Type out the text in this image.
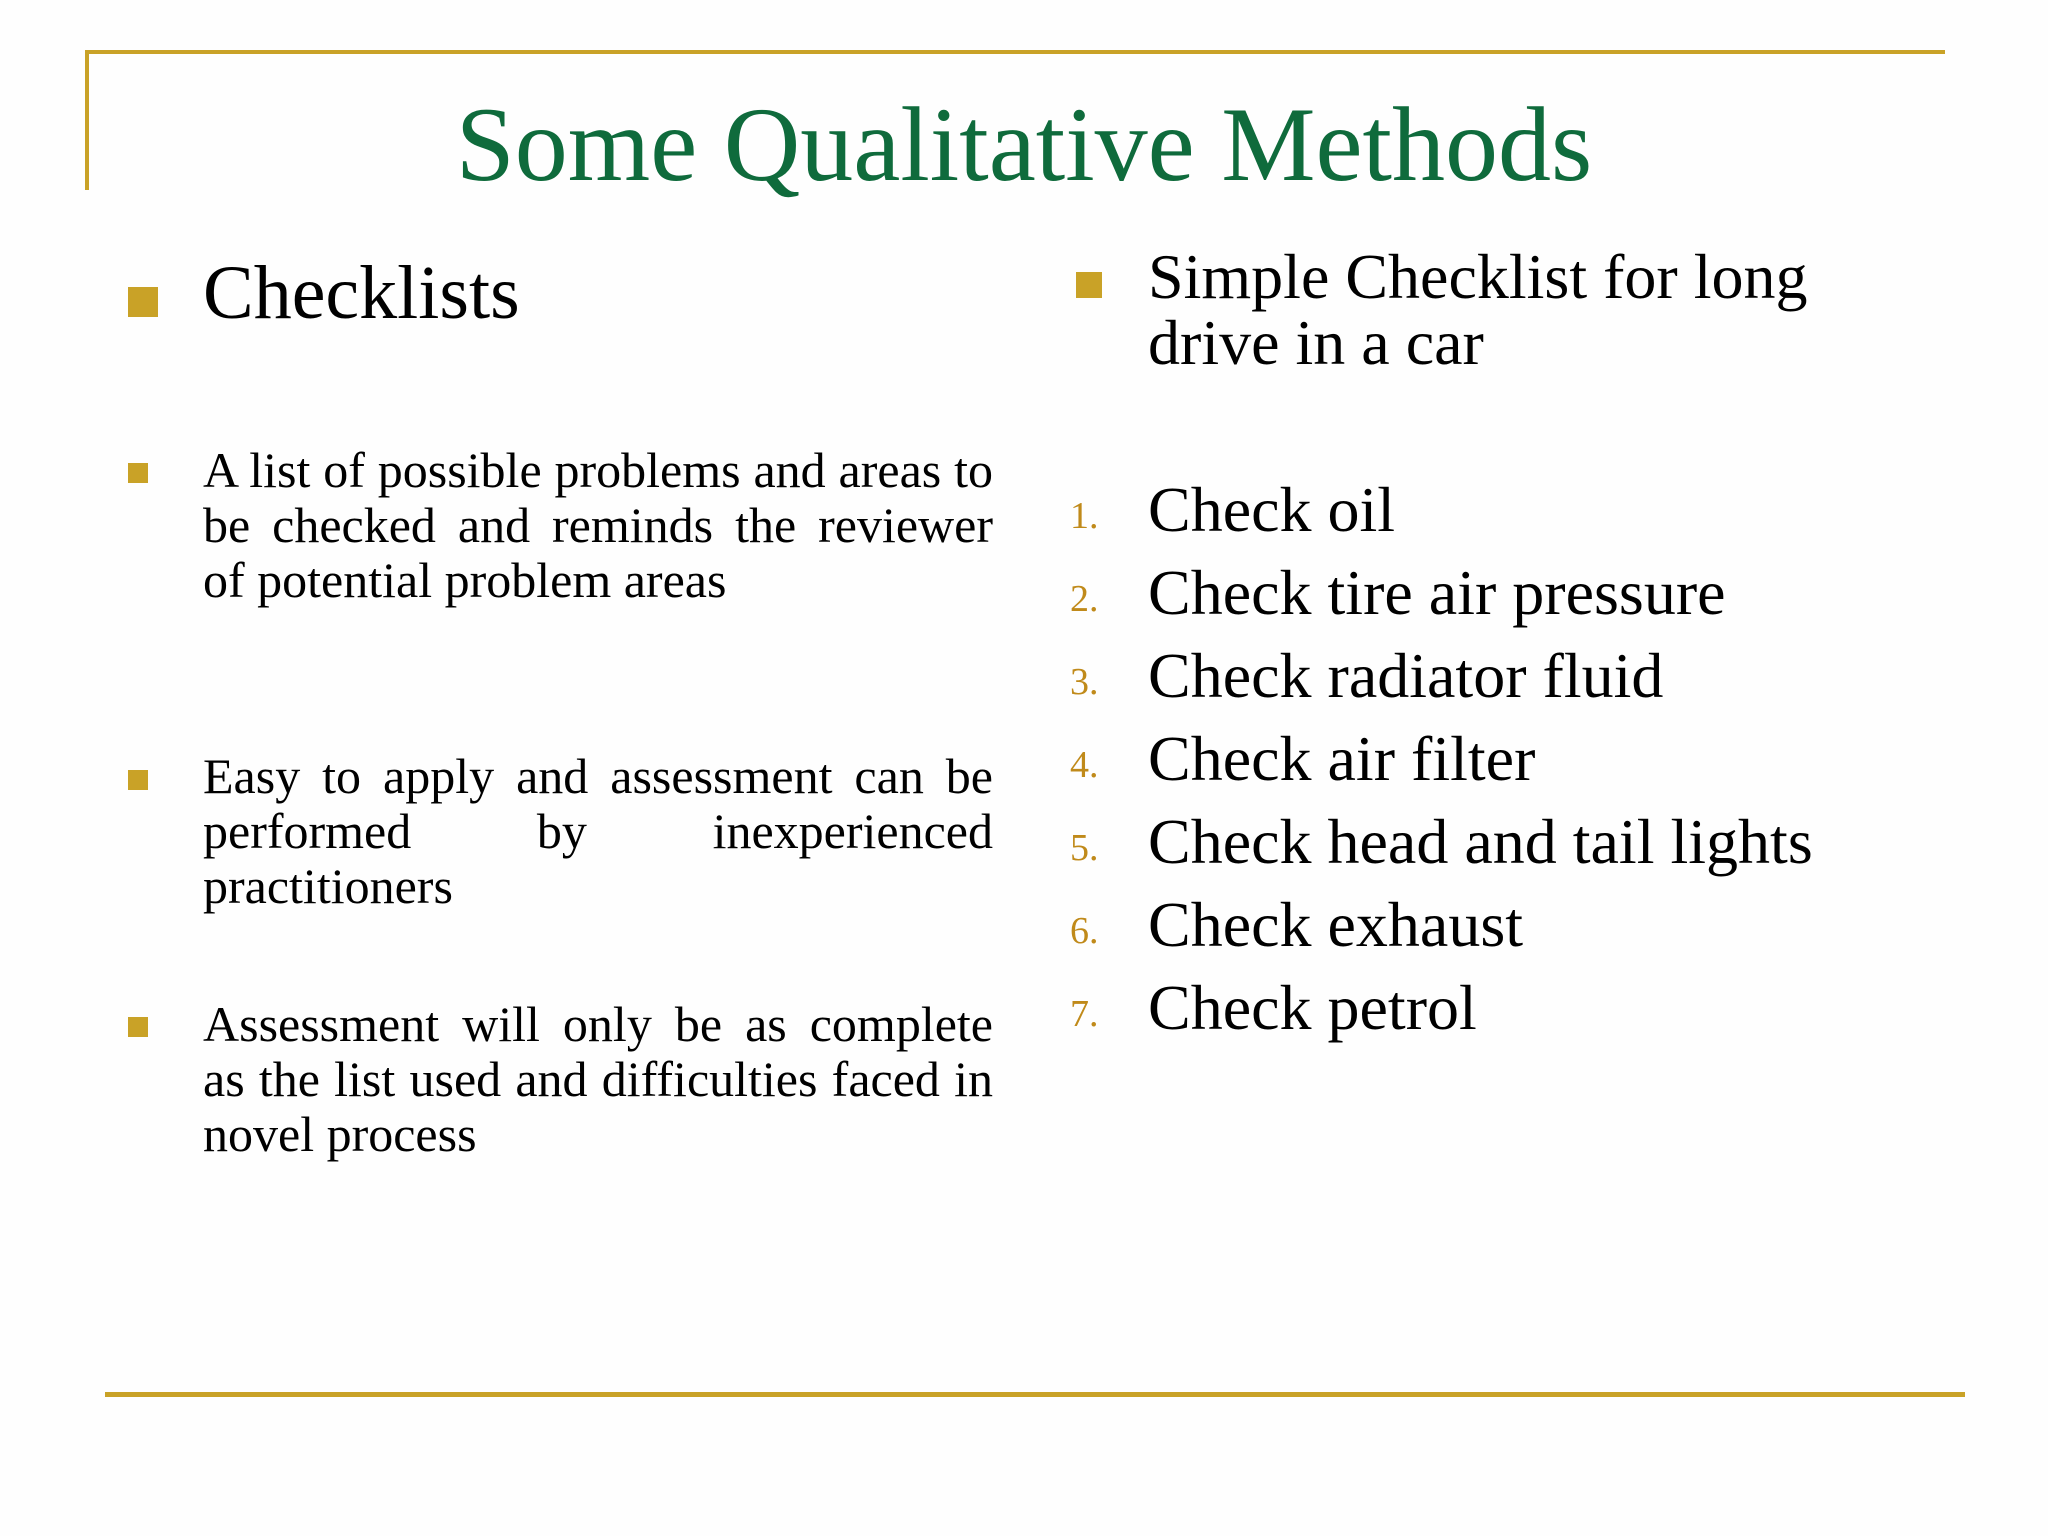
Some Qualitative Methods
Checklists

A list of possible problems and areas to be checked and reminds the reviewer of potential problem areas

Easy to apply and assessment can be performed by inexperienced practitioners

Assessment will only be as complete as the list used and difficulties faced in novel process

Simple Checklist for long drive in a car

1. Check oil
2. Check tire air pressure
3. Check radiator fluid
4. Check air filter
5. Check head and tail lights
6. Check exhaust
7. Check petrol
